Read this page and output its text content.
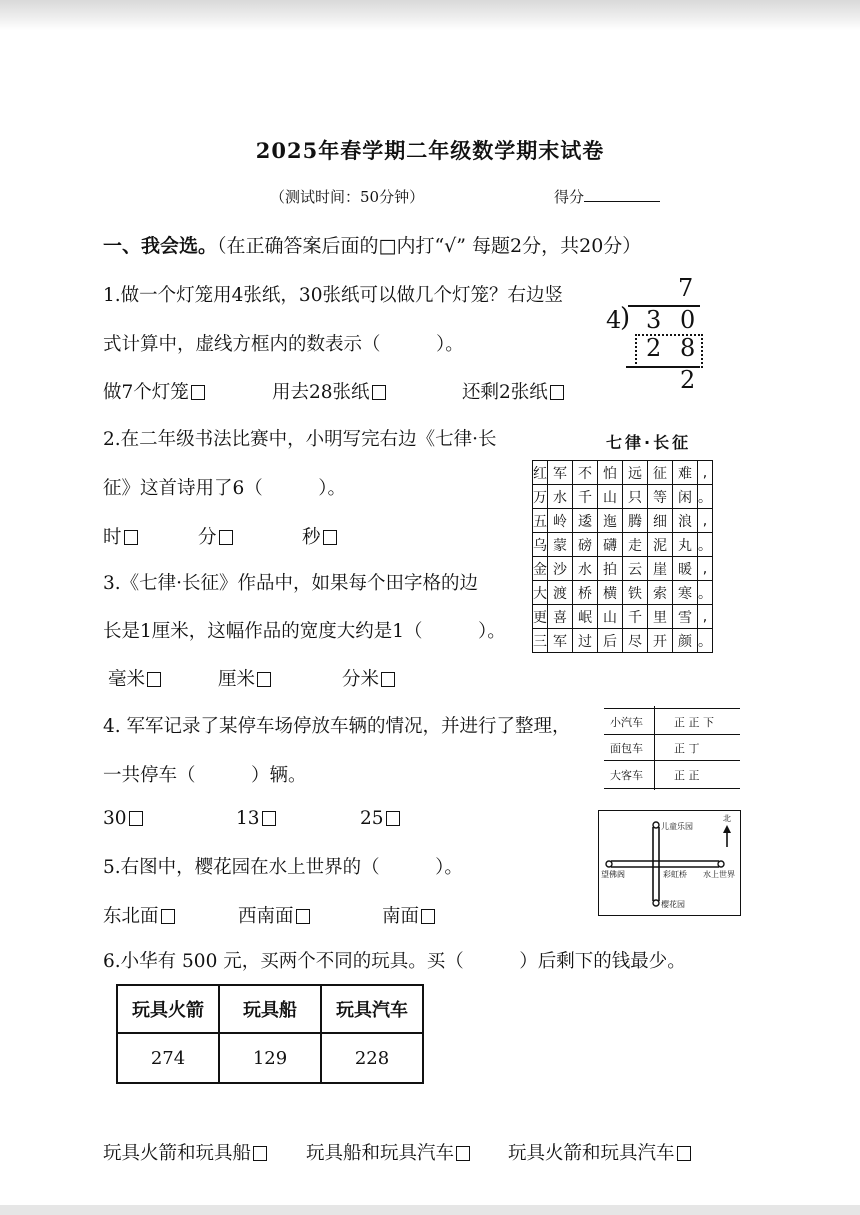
2025年春学期二年级数学期末试卷
（测试时间：50分钟）	得分
一、我会选。（在正确答案后面的□内打“√” 每题2分，共20分）
1.做一个灯笼用4张纸，30张纸可以做几个灯笼？右边竖
式计算中，虚线方框内的数表示（　　　）。
做7个灯笼	用去28张纸	还剩2张纸
7
4
) 3 0
2 8
2
2.在二年级书法比赛中，小明写完右边《七律·长
征》这首诗用了6（　　　）。
时	分	秒
七律·长征
红	军	不	怕	远	征	难	,
万	水	千	山	只	等	闲	。
五	岭	逶	迤	腾	细	浪	,
乌	蒙	磅	礴	走	泥	丸	。
金	沙	水	拍	云	崖	暖	,
大	渡	桥	横	铁	索	寒	。
更	喜	岷	山	千	里	雪	,
三	军	过	后	尽	开	颜	。
3.《七律·长征》作品中，如果每个田字格的边
长是1厘米，这幅作品的宽度大约是1（　　　）。
毫米	厘米	分米
4. 军军记录了某停车场停放车辆的情况，并进行了整理，
一共停车（　　　）辆。
30	13	25
小汽车	正 正 下
面包车	正 丁
大客车	正 正
5.右图中，樱花园在水上世界的（　　　）。
东北面	西南面	南面
儿童乐园
樱花园
望佛阁	彩虹桥 水上世界
北
6.小华有 500 元，买两个不同的玩具。买（　　　）后剩下的钱最少。
玩具火箭	玩具船	玩具汽车
274	129	228
玩具火箭和玩具船	玩具船和玩具汽车	玩具火箭和玩具汽车
